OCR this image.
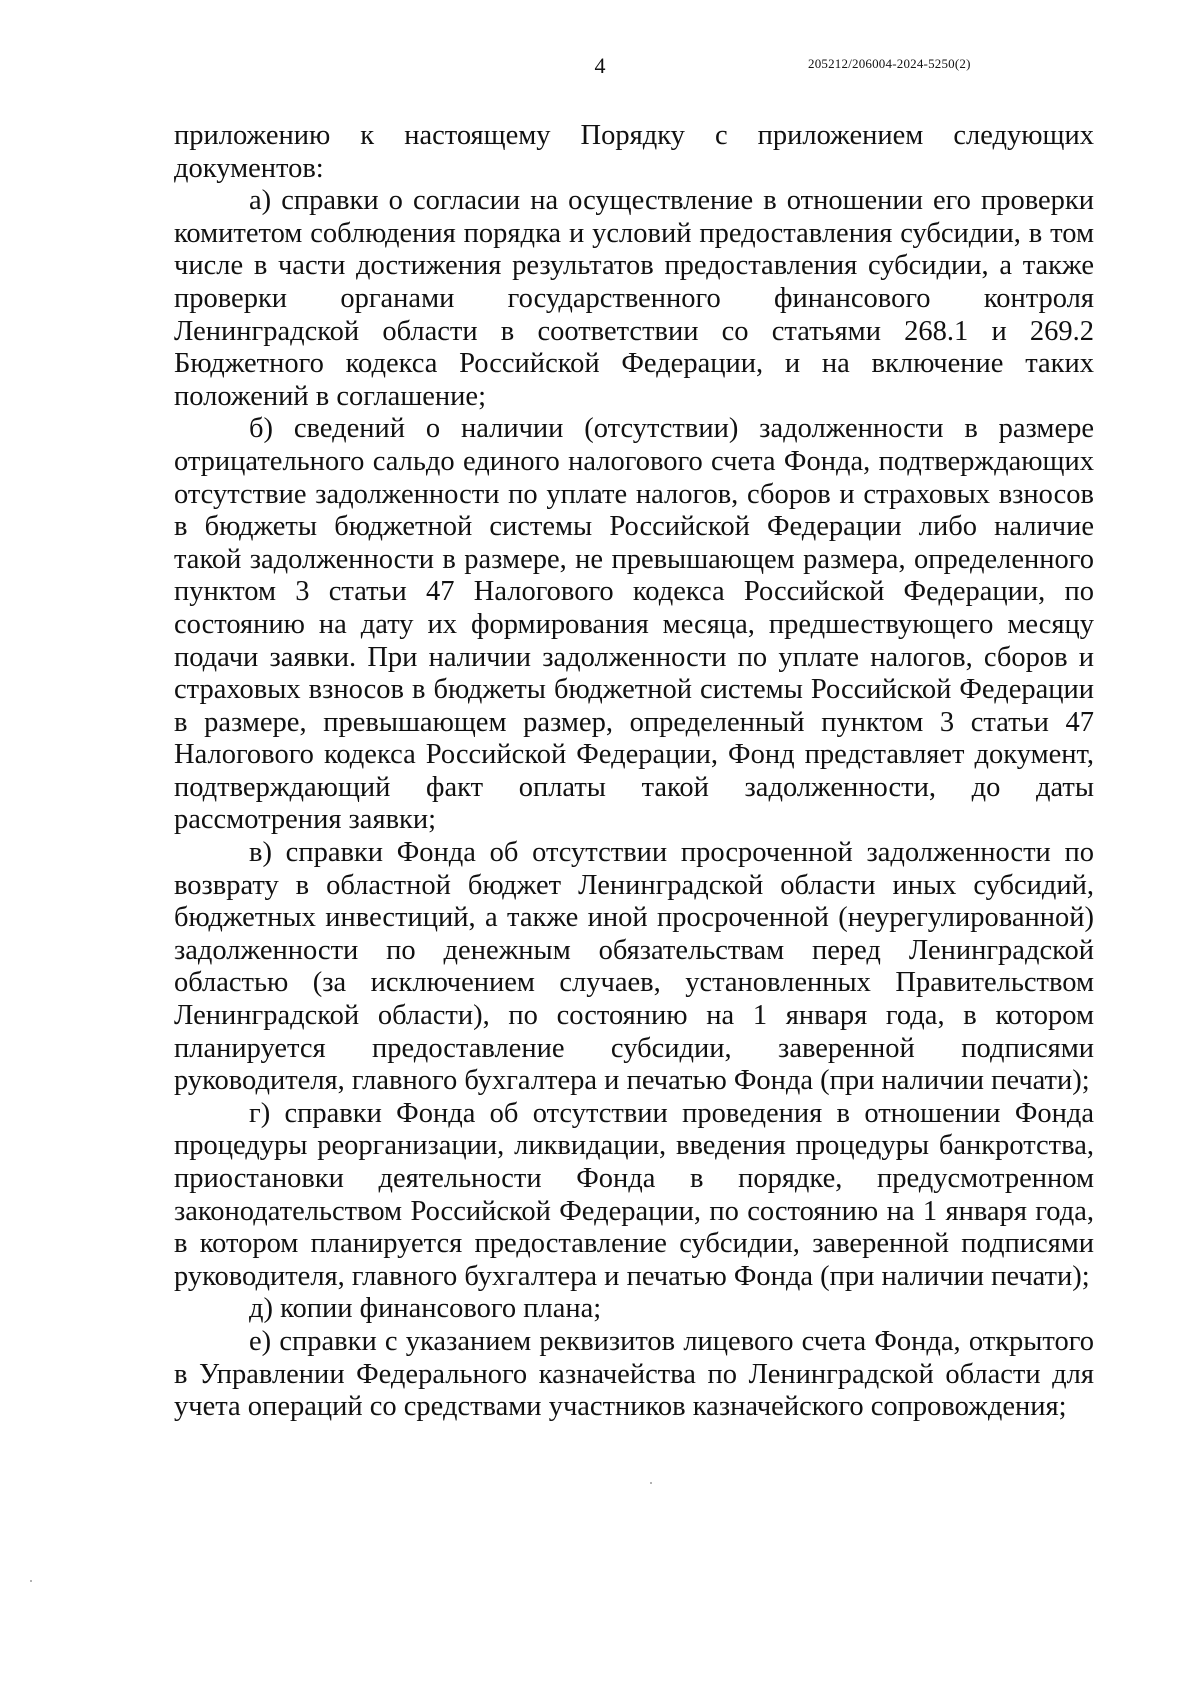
4	205212/206004-2024-5250(2)

приложению к настоящему Порядку с приложением следующих документов:

а) справки о согласии на осуществление в отношении его проверки комитетом соблюдения порядка и условий предоставления субсидии, в том числе в части достижения результатов предоставления субсидии, а также проверки органами государственного финансового контроля Ленинградской области в соответствии со статьями 268.1 и 269.2 Бюджетного кодекса Российской Федерации, и на включение таких положений в соглашение;

б) сведений о наличии (отсутствии) задолженности в размере отрицательного сальдо единого налогового счета Фонда, подтверждающих отсутствие задолженности по уплате налогов, сборов и страховых взносов в бюджеты бюджетной системы Российской Федерации либо наличие такой задолженности в размере, не превышающем размера, определенного пунктом 3 статьи 47 Налогового кодекса Российской Федерации, по состоянию на дату их формирования месяца, предшествующего месяцу подачи заявки. При наличии задолженности по уплате налогов, сборов и страховых взносов в бюджеты бюджетной системы Российской Федерации в размере, превышающем размер, определенный пунктом 3 статьи 47 Налогового кодекса Российской Федерации, Фонд представляет документ, подтверждающий факт оплаты такой задолженности, до даты рассмотрения заявки;

в) справки Фонда об отсутствии просроченной задолженности по возврату в областной бюджет Ленинградской области иных субсидий, бюджетных инвестиций, а также иной просроченной (неурегулированной) задолженности по денежным обязательствам перед Ленинградской областью (за исключением случаев, установленных Правительством Ленинградской области), по состоянию на 1 января года, в котором планируется предоставление субсидии, заверенной подписями руководителя, главного бухгалтера и печатью Фонда (при наличии печати);

г) справки Фонда об отсутствии проведения в отношении Фонда процедуры реорганизации, ликвидации, введения процедуры банкротства, приостановки деятельности Фонда в порядке, предусмотренном законодательством Российской Федерации, по состоянию на 1 января года, в котором планируется предоставление субсидии, заверенной подписями руководителя, главного бухгалтера и печатью Фонда (при наличии печати);

д) копии финансового плана;

е) справки с указанием реквизитов лицевого счета Фонда, открытого в Управлении Федерального казначейства по Ленинградской области для учета операций со средствами участников казначейского сопровождения;
